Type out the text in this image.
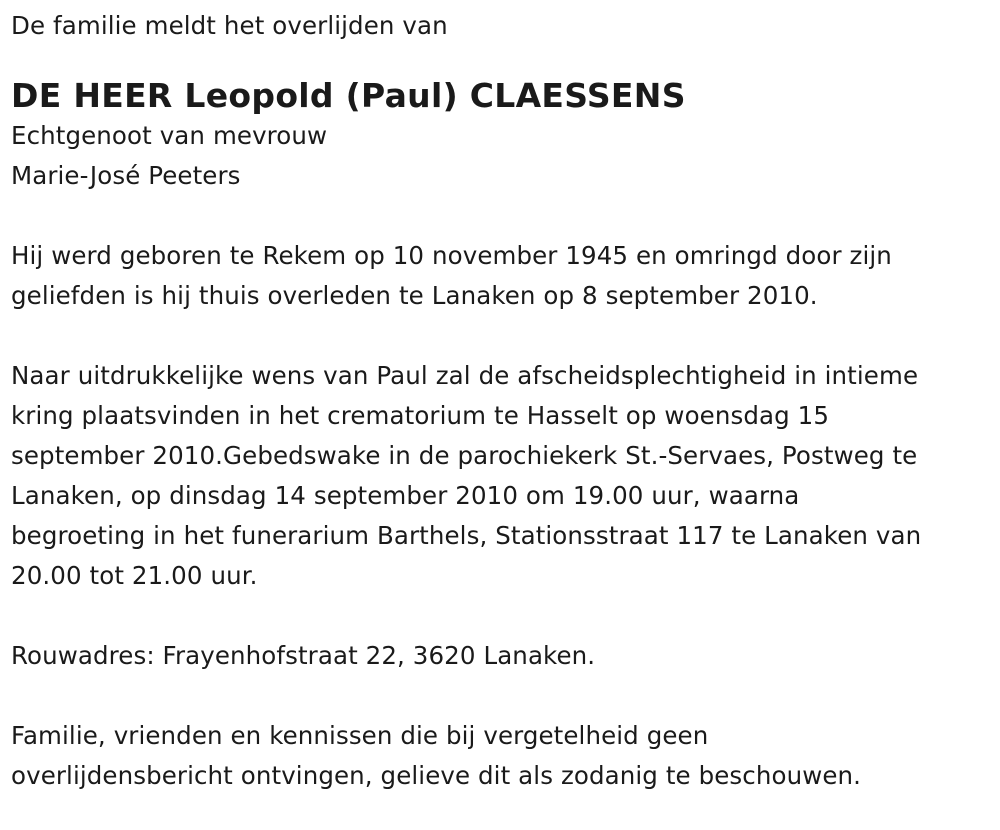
De familie meldt het overlijden van
DE HEER Leopold (Paul) CLAESSENS
Echtgenoot van mevrouw
Marie-José Peeters
Hij werd geboren te Rekem op 10 november 1945 en omringd door zijn
geliefden is hij thuis overleden te Lanaken op 8 september 2010.
Naar uitdrukkelijke wens van Paul zal de afscheidsplechtigheid in intieme
kring plaatsvinden in het crematorium te Hasselt op woensdag 15
september 2010.Gebedswake in de parochiekerk St.-Servaes, Postweg te
Lanaken, op dinsdag 14 september 2010 om 19.00 uur, waarna
begroeting in het funerarium Barthels, Stationsstraat 117 te Lanaken van
20.00 tot 21.00 uur.
Rouwadres: Frayenhofstraat 22, 3620 Lanaken.
Familie, vrienden en kennissen die bij vergetelheid geen
overlijdensbericht ontvingen, gelieve dit als zodanig te beschouwen.
